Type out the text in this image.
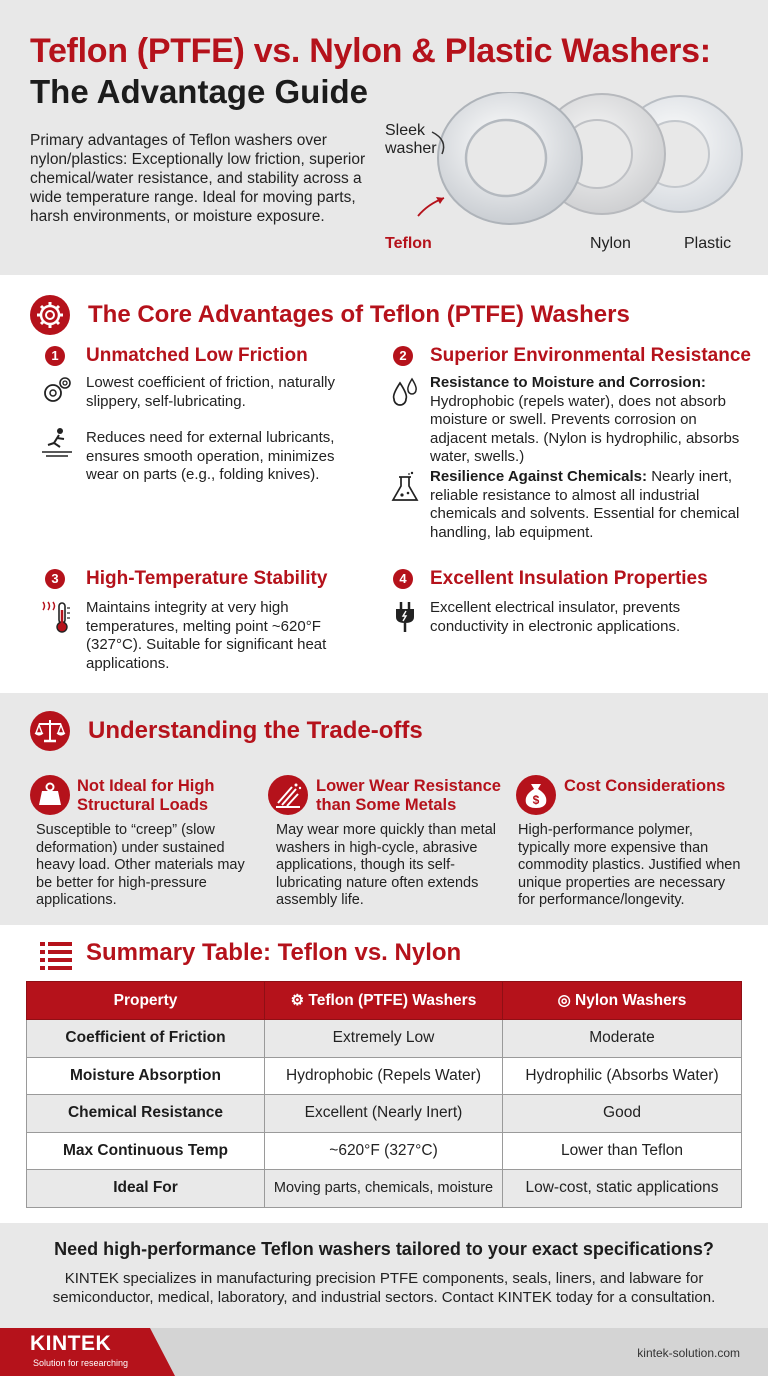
Teflon (PTFE) vs. Nylon & Plastic Washers:
The Advantage Guide
Primary advantages of Teflon washers over nylon/plastics: Exceptionally low friction, superior chemical/water resistance, and stability across a wide temperature range. Ideal for moving parts, harsh environments, or moisture exposure.
Sleek
washer
Teflon	Nylon	Plastic
The Core Advantages of Teflon (PTFE) Washers
1	Unmatched Low Friction
Lowest coefficient of friction, naturally slippery, self-lubricating.
Reduces need for external lubricants, ensures smooth operation, minimizes wear on parts (e.g., folding knives).
2	Superior Environmental Resistance
Resistance to Moisture and Corrosion: Hydrophobic (repels water), does not absorb moisture or swell. Prevents corrosion on adjacent metals. (Nylon is hydrophilic, absorbs water, swells.)
Resilience Against Chemicals: Nearly inert, reliable resistance to almost all industrial chemicals and solvents. Essential for chemical handling, lab equipment.
3	High-Temperature Stability
Maintains integrity at very high temperatures, melting point ~620°F (327°C). Suitable for significant heat applications.
4	Excellent Insulation Properties
Excellent electrical insulator, prevents conductivity in electronic applications.
Understanding the Trade-offs
Not Ideal for High Structural Loads
Susceptible to “creep” (slow deformation) under sustained heavy load. Other materials may be better for high-pressure applications.
Lower Wear Resistance than Some Metals
May wear more quickly than metal washers in high-cycle, abrasive applications, though its self-lubricating nature often extends assembly life.
$
Cost Considerations
High-performance polymer, typically more expensive than commodity plastics. Justified when unique properties are necessary for performance/longevity.
Summary Table: Teflon vs. Nylon
Property	⚙ Teflon (PTFE) Washers	◎ Nylon Washers
Coefficient of Friction	Extremely Low	Moderate
Moisture Absorption	Hydrophobic (Repels Water)	Hydrophilic (Absorbs Water)
Chemical Resistance	Excellent (Nearly Inert)	Good
Max Continuous Temp	~620°F (327°C)	Lower than Teflon
Ideal For	Moving parts, chemicals, moisture	Low-cost, static applications
Need high-performance Teflon washers tailored to your exact specifications?
KINTEK specializes in manufacturing precision PTFE components, seals, liners, and labware for semiconductor, medical, laboratory, and industrial sectors. Contact KINTEK today for a consultation.
KINTEK
Solution for researching
kintek-solution.com
